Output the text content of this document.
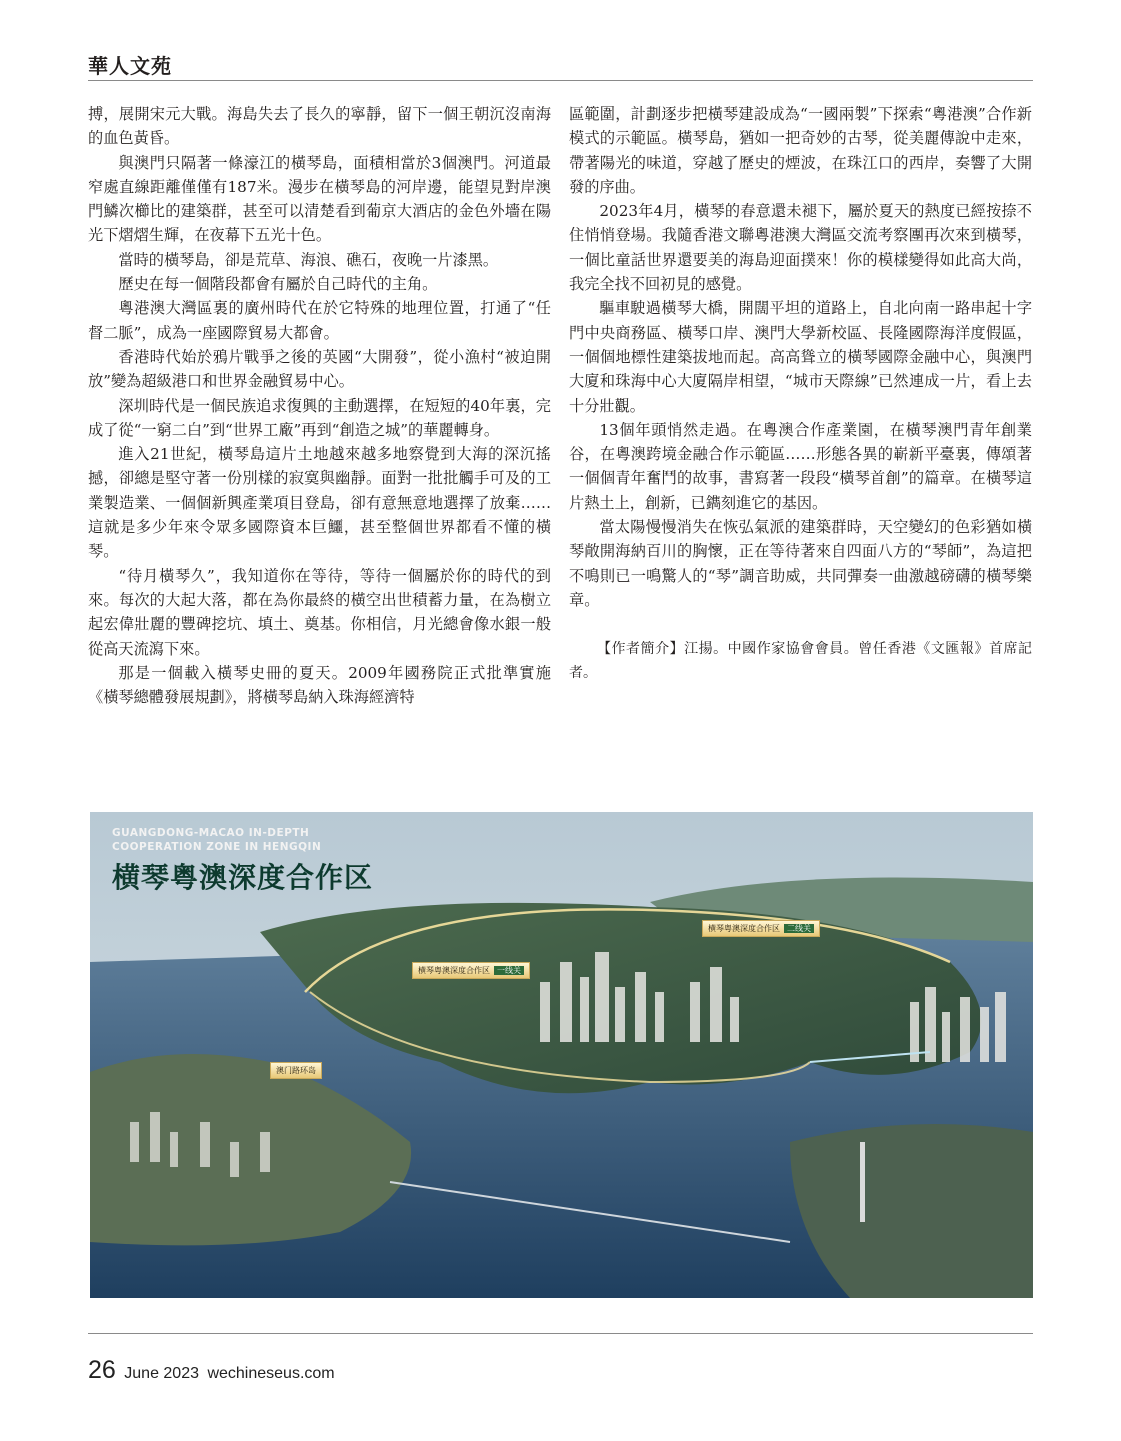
華人文苑

搏，展開宋元大戰。海島失去了長久的寧靜，留下一個王朝沉沒南海的血色黃昏。

與澳門只隔著一條濠江的橫琴島，面積相當於3個澳門。河道最窄處直線距離僅僅有187米。漫步在橫琴島的河岸邊，能望見對岸澳門鱗次櫛比的建築群，甚至可以清楚看到葡京大酒店的金色外墻在陽光下熠熠生輝，在夜幕下五光十色。

當時的橫琴島，卻是荒草、海浪、礁石，夜晚一片漆黑。

歷史在每一個階段都會有屬於自己時代的主角。

粵港澳大灣區裏的廣州時代在於它特殊的地理位置，打通了“任督二脈”，成為一座國際貿易大都會。

香港時代始於鴉片戰爭之後的英國“大開發”，從小漁村“被迫開放”變為超級港口和世界金融貿易中心。

深圳時代是一個民族追求復興的主動選擇，在短短的40年裏，完成了從“一窮二白”到“世界工廠”再到“創造之城”的華麗轉身。

進入21世紀，橫琴島這片土地越來越多地察覺到大海的深沉搖撼，卻總是堅守著一份別樣的寂寞與幽靜。面對一批批觸手可及的工業製造業、一個個新興產業項目登島，卻有意無意地選擇了放棄……這就是多少年來令眾多國際資本巨鱷，甚至整個世界都看不懂的橫琴。

“待月橫琴久”，我知道你在等待，等待一個屬於你的時代的到來。每次的大起大落，都在為你最終的橫空出世積蓄力量，在為樹立起宏偉壯麗的豐碑挖坑、填土、奠基。你相信，月光總會像水銀一般從高天流瀉下來。

那是一個載入橫琴史冊的夏天。2009年國務院正式批準實施《橫琴總體發展規劃》，將橫琴島納入珠海經濟特

區範圍，計劃逐步把橫琴建設成為“一國兩製”下探索“粵港澳”合作新模式的示範區。橫琴島，猶如一把奇妙的古琴，從美麗傳說中走來，帶著陽光的味道，穿越了歷史的煙波，在珠江口的西岸，奏響了大開發的序曲。

2023年4月，橫琴的春意還未褪下，屬於夏天的熱度已經按捺不住悄悄登場。我隨香港文聯粵港澳大灣區交流考察團再次來到橫琴，一個比童話世界還要美的海島迎面撲來！你的模樣變得如此高大尚，我完全找不回初見的感覺。

驅車駛過橫琴大橋，開闊平坦的道路上，自北向南一路串起十字門中央商務區、橫琴口岸、澳門大學新校區、長隆國際海洋度假區，一個個地標性建築拔地而起。高高聳立的橫琴國際金融中心，與澳門大廈和珠海中心大廈隔岸相望，“城市天際線”已然連成一片，看上去十分壯觀。

13個年頭悄然走過。在粵澳合作產業園，在橫琴澳門青年創業谷，在粵澳跨境金融合作示範區……形態各異的嶄新平臺裏，傳頌著一個個青年奮鬥的故事，書寫著一段段“橫琴首創”的篇章。在橫琴這片熱土上，創新，已鐫刻進它的基因。

當太陽慢慢消失在恢弘氣派的建築群時，天空變幻的色彩猶如橫琴敞開海納百川的胸懷，正在等待著來自四面八方的“琴師”，為這把不鳴則已一鳴驚人的“琴”調音助威，共同彈奏一曲激越磅礴的橫琴樂章。

【作者簡介】江揚。中國作家協會會員。曾任香港《文匯報》首席記者。

GUANGDONG-MACAO IN-DEPTH COOPERATION ZONE IN HENGQIN
横琴粤澳深度合作区
横琴粤澳深度合作区 二线关
横琴粤澳深度合作区 一线关
澳门路环岛
26 June 2023 wechineseus.com
